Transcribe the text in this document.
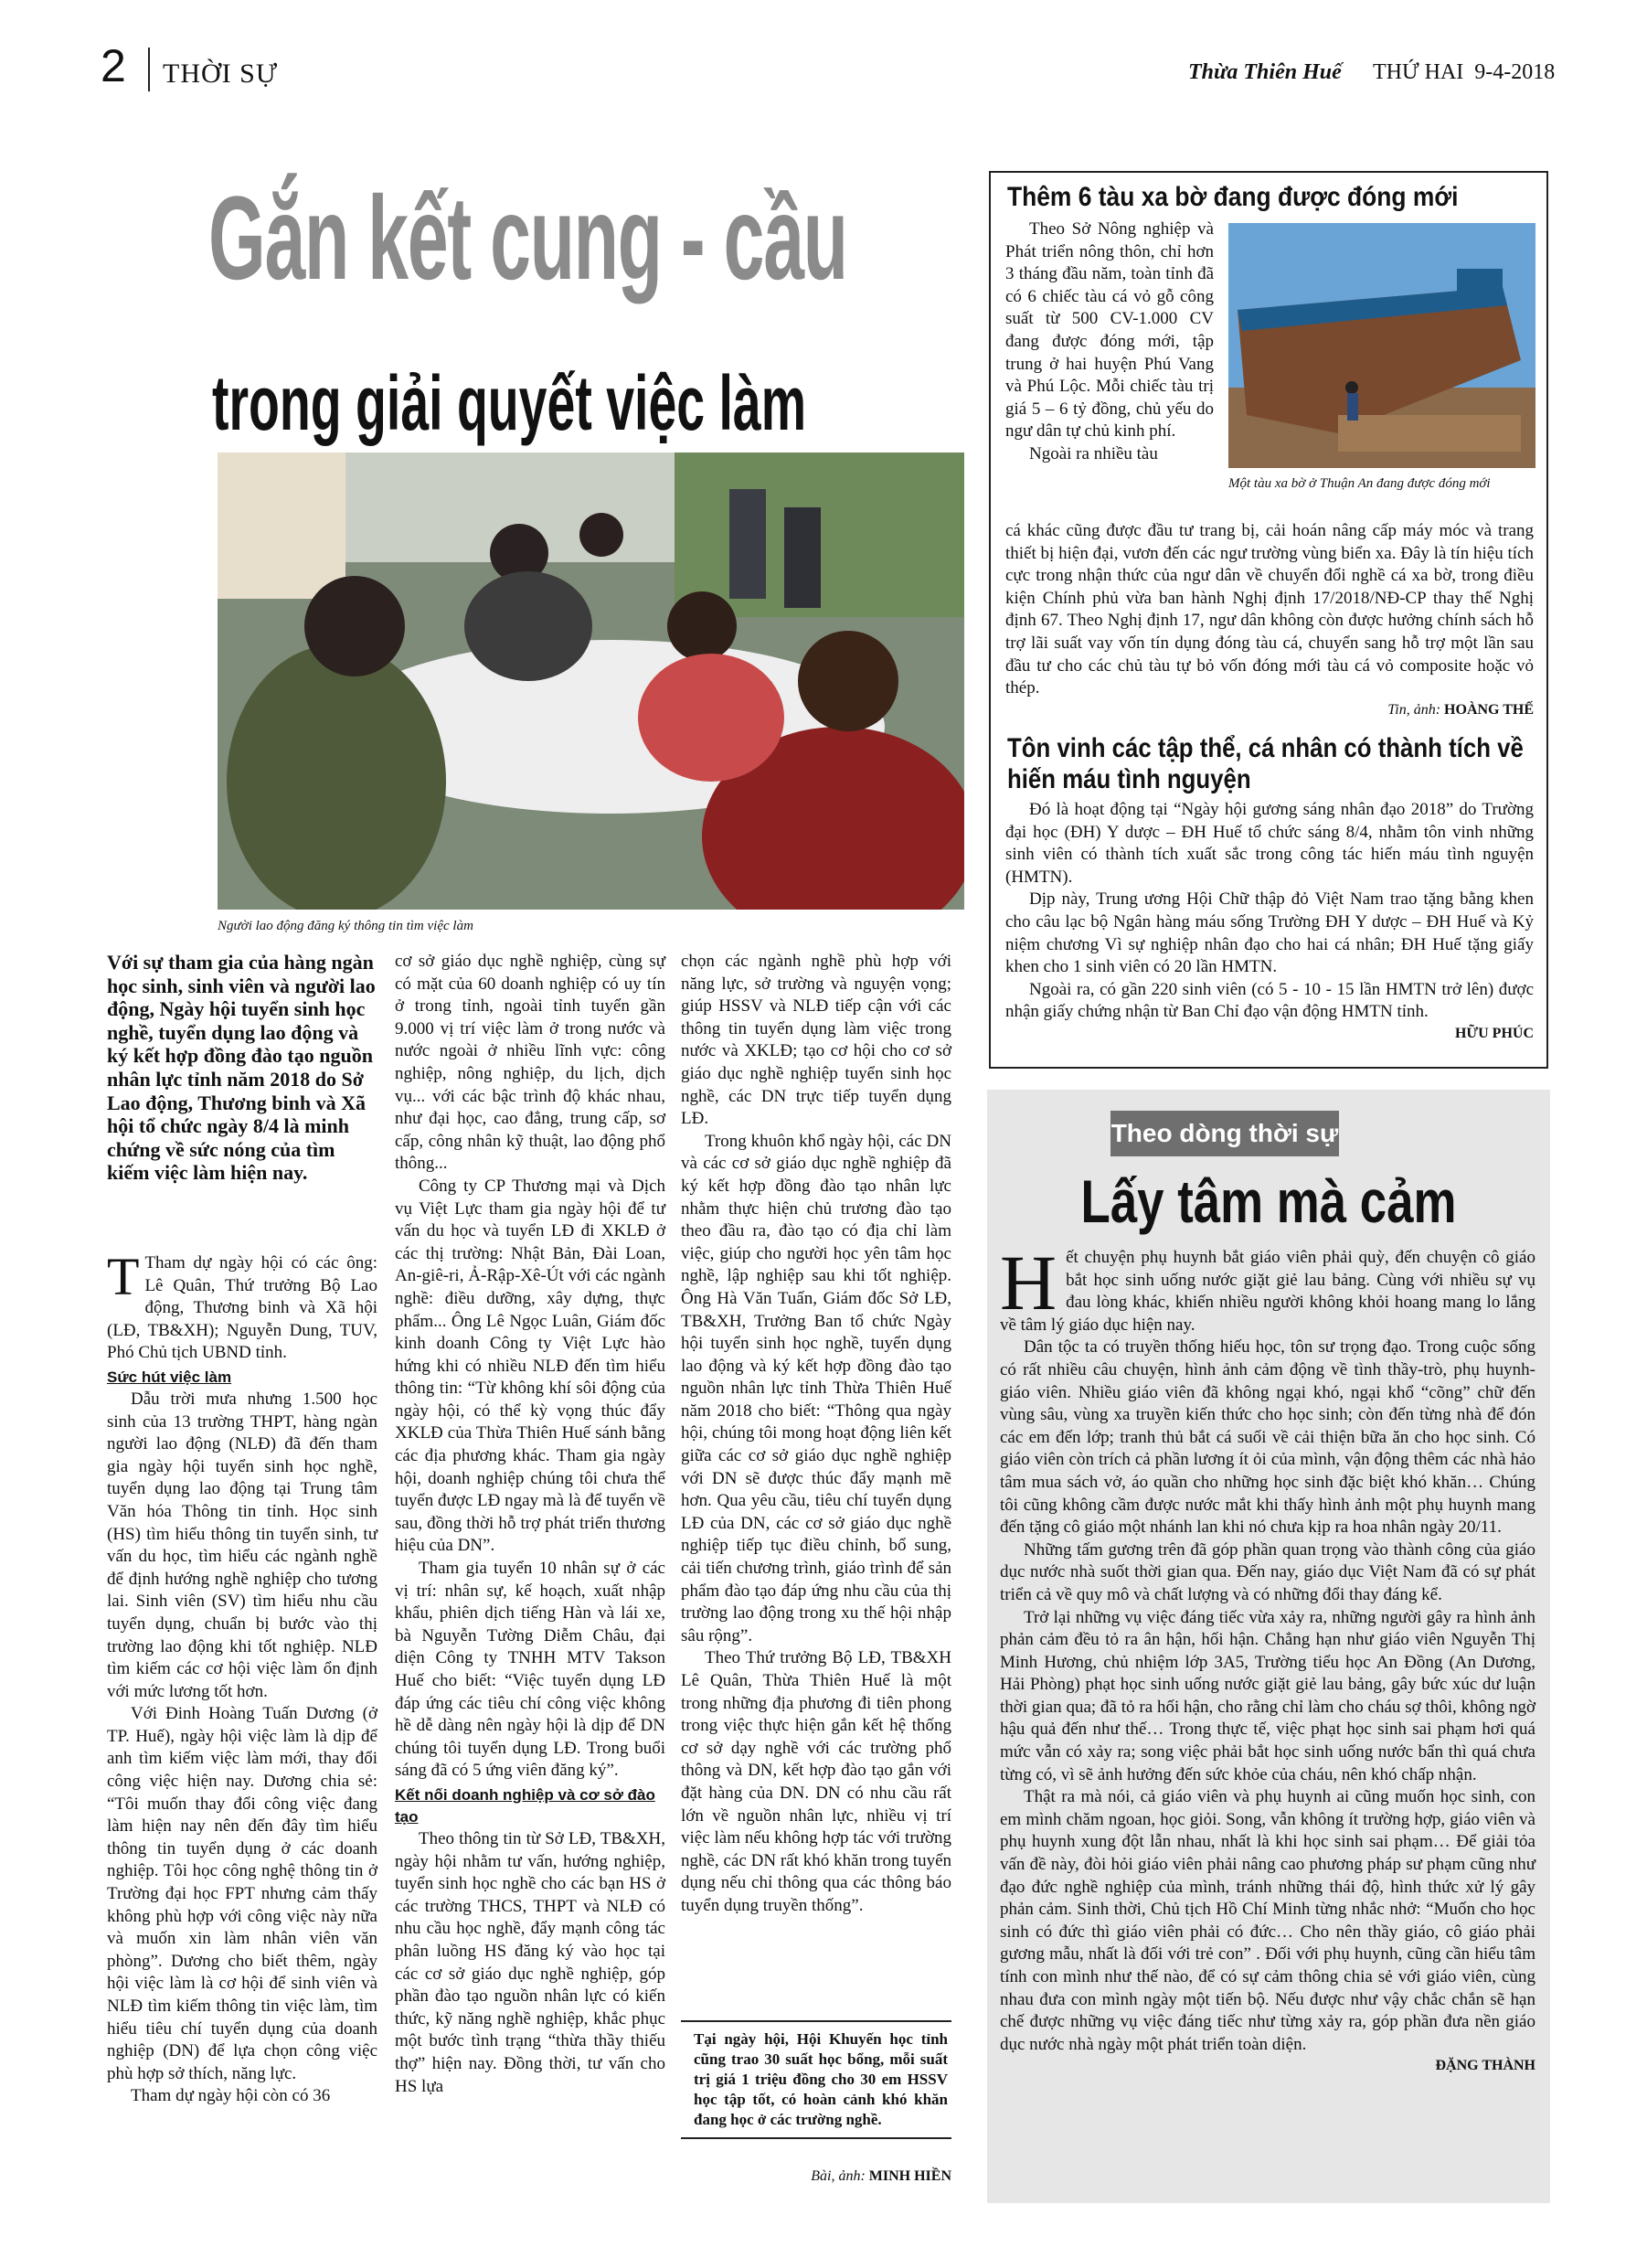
2 THỜI SỰ	Thừa Thiên Huế THỨ HAI  9-4-2018
Gắn kết cung - cầu
trong giải quyết việc làm
Người lao động đăng ký thông tin tìm việc làm
Với sự tham gia của hàng ngàn học sinh, sinh viên và người lao động, Ngày hội tuyển sinh học nghề, tuyển dụng lao động và ký kết hợp đồng đào tạo nguồn nhân lực tỉnh năm 2018 do Sở Lao động, Thương binh và Xã hội tổ chức ngày 8/4 là minh chứng về sức nóng của tìm kiếm việc làm hiện nay.

T Tham dự ngày hội có các ông: Lê Quân, Thứ trưởng Bộ Lao động, Thương binh và Xã hội (LĐ, TB&XH); Nguyễn Dung, TUV, Phó Chủ tịch UBND tỉnh.

Sức hút việc làm

Dẫu trời mưa nhưng 1.500 học sinh của 13 trường THPT, hàng ngàn người lao động (NLĐ) đã đến tham gia ngày hội tuyển sinh học nghề, tuyển dụng lao động tại Trung tâm Văn hóa Thông tin tỉnh. Học sinh (HS) tìm hiểu thông tin tuyển sinh, tư vấn du học, tìm hiểu các ngành nghề để định hướng nghề nghiệp cho tương lai. Sinh viên (SV) tìm hiểu nhu cầu tuyển dụng, chuẩn bị bước vào thị trường lao động khi tốt nghiệp. NLĐ tìm kiếm các cơ hội việc làm ổn định với mức lương tốt hơn.

Với Đinh Hoàng Tuấn Dương (ở TP. Huế), ngày hội việc làm là dịp để anh tìm kiếm việc làm mới, thay đổi công việc hiện nay. Dương chia sẻ: “Tôi muốn thay đổi công việc đang làm hiện nay nên đến đây tìm hiểu thông tin tuyển dụng ở các doanh nghiệp. Tôi học công nghệ thông tin ở Trường đại học FPT nhưng cảm thấy không phù hợp với công việc này nữa và muốn xin làm nhân viên văn phòng”. Dương cho biết thêm, ngày hội việc làm là cơ hội để sinh viên và NLĐ tìm kiếm thông tin việc làm, tìm hiểu tiêu chí tuyển dụng của doanh nghiệp (DN) để lựa chọn công việc phù hợp sở thích, năng lực.

Tham dự ngày hội còn có 36

cơ sở giáo dục nghề nghiệp, cùng sự có mặt của 60 doanh nghiệp có uy tín ở trong tỉnh, ngoài tỉnh tuyển gần 9.000 vị trí việc làm ở trong nước và nước ngoài ở nhiều lĩnh vực: công nghiệp, nông nghiệp, du lịch, dịch vụ... với các bậc trình độ khác nhau, như đại học, cao đẳng, trung cấp, sơ cấp, công nhân kỹ thuật, lao động phổ thông...

Công ty CP Thương mại và Dịch vụ Việt Lực tham gia ngày hội để tư vấn du học và tuyển LĐ đi XKLĐ ở các thị trường: Nhật Bản, Đài Loan, An-giê-ri, Ả-Rập-Xê-Út với các ngành nghề: điều dưỡng, xây dựng, thực phẩm... Ông Lê Ngọc Luân, Giám đốc kinh doanh Công ty Việt Lực hào hứng khi có nhiều NLĐ đến tìm hiểu thông tin: “Từ không khí sôi động của ngày hội, có thể kỳ vọng thúc đẩy XKLĐ của Thừa Thiên Huế sánh bằng các địa phương khác. Tham gia ngày hội, doanh nghiệp chúng tôi chưa thể tuyển được LĐ ngay mà là để tuyển về sau, đồng thời hỗ trợ phát triển thương hiệu của DN”.

Tham gia tuyển 10 nhân sự ở các vị trí: nhân sự, kế hoạch, xuất nhập khẩu, phiên dịch tiếng Hàn và lái xe, bà Nguyễn Tường Diễm Châu, đại diện Công ty TNHH MTV Takson Huế cho biết: “Việc tuyển dụng LĐ đáp ứng các tiêu chí công việc không hề dễ dàng nên ngày hội là dịp để DN chúng tôi tuyển dụng LĐ. Trong buổi sáng đã có 5 ứng viên đăng ký”.

Kết nối doanh nghiệp và cơ sở đào tạo

Theo thông tin từ Sở LĐ, TB&XH, ngày hội nhằm tư vấn, hướng nghiệp, tuyển sinh học nghề cho các bạn HS ở các trường THCS, THPT và NLĐ có nhu cầu học nghề, đẩy mạnh công tác phân luồng HS đăng ký vào học tại các cơ sở giáo dục nghề nghiệp, góp phần đào tạo nguồn nhân lực có kiến thức, kỹ năng nghề nghiệp, khắc phục một bước tình trạng “thừa thầy thiếu thợ” hiện nay. Đồng thời, tư vấn cho HS lựa

chọn các ngành nghề phù hợp với năng lực, sở trường và nguyện vọng; giúp HSSV và NLĐ tiếp cận với các thông tin tuyển dụng làm việc trong nước và XKLĐ; tạo cơ hội cho cơ sở giáo dục nghề nghiệp tuyển sinh học nghề, các DN trực tiếp tuyển dụng LĐ.

Trong khuôn khổ ngày hội, các DN và các cơ sở giáo dục nghề nghiệp đã ký kết hợp đồng đào tạo nhân lực nhằm thực hiện chủ trương đào tạo theo đầu ra, đào tạo có địa chỉ làm việc, giúp cho người học yên tâm học nghề, lập nghiệp sau khi tốt nghiệp. Ông Hà Văn Tuấn, Giám đốc Sở LĐ, TB&XH, Trưởng Ban tổ chức Ngày hội tuyển sinh học nghề, tuyển dụng lao động và ký kết hợp đồng đào tạo nguồn nhân lực tỉnh Thừa Thiên Huế năm 2018 cho biết: “Thông qua ngày hội, chúng tôi mong hoạt động liên kết giữa các cơ sở giáo dục nghề nghiệp với DN sẽ được thúc đẩy mạnh mẽ hơn. Qua yêu cầu, tiêu chí tuyển dụng LĐ của DN, các cơ sở giáo dục nghề nghiệp tiếp tục điều chỉnh, bổ sung, cải tiến chương trình, giáo trình để sản phẩm đào tạo đáp ứng nhu cầu của thị trường lao động trong xu thế hội nhập sâu rộng”.

Theo Thứ trưởng Bộ LĐ, TB&XH Lê Quân, Thừa Thiên Huế là một trong những địa phương đi tiên phong trong việc thực hiện gắn kết hệ thống cơ sở dạy nghề với các trường phổ thông và DN, kết hợp đào tạo gắn với đặt hàng của DN. DN có nhu cầu rất lớn về nguồn nhân lực, nhiều vị trí việc làm nếu không hợp tác với trường nghề, các DN rất khó khăn trong tuyển dụng nếu chỉ thông qua các thông báo tuyển dụng truyền thống”.

Tại ngày hội, Hội Khuyến học tỉnh cũng trao 30 suất học bổng, mỗi suất trị giá 1 triệu đồng cho 30 em HSSV học tập tốt, có hoàn cảnh khó khăn đang học ở các trường nghề.

Bài, ảnh: MINH HIỀN
Thêm 6 tàu xa bờ đang được đóng mới

Theo Sở Nông nghiệp và Phát triển nông thôn, chỉ hơn 3 tháng đầu năm, toàn tỉnh đã có 6 chiếc tàu cá vỏ gỗ công suất từ 500 CV-1.000 CV đang được đóng mới, tập trung ở hai huyện Phú Vang và Phú Lộc. Mỗi chiếc tàu trị giá 5 – 6 tỷ đồng, chủ yếu do ngư dân tự chủ kinh phí.

Ngoài ra nhiều tàu

Một tàu xa bờ ở Thuận An đang được đóng mới

cá khác cũng được đầu tư trang bị, cải hoán nâng cấp máy móc và trang thiết bị hiện đại, vươn đến các ngư trường vùng biển xa. Đây là tín hiệu tích cực trong nhận thức của ngư dân về chuyển đổi nghề cá xa bờ, trong điều kiện Chính phủ vừa ban hành Nghị định 17/2018/NĐ-CP thay thế Nghị định 67. Theo Nghị định 17, ngư dân không còn được hưởng chính sách hỗ trợ lãi suất vay vốn tín dụng đóng tàu cá, chuyển sang hỗ trợ một lần sau đầu tư cho các chủ tàu tự bỏ vốn đóng mới tàu cá vỏ composite hoặc vỏ thép.

Tin, ảnh: HOÀNG THẾ

Tôn vinh các tập thể, cá nhân có thành tích về hiến máu tình nguyện

Đó là hoạt động tại “Ngày hội gương sáng nhân đạo 2018” do Trường đại học (ĐH) Y dược – ĐH Huế tổ chức sáng 8/4, nhằm tôn vinh những sinh viên có thành tích xuất sắc trong công tác hiến máu tình nguyện (HMTN).

Dịp này, Trung ương Hội Chữ thập đỏ Việt Nam trao tặng bằng khen cho câu lạc bộ Ngân hàng máu sống Trường ĐH Y dược – ĐH Huế và Kỷ niệm chương Vì sự nghiệp nhân đạo cho hai cá nhân; ĐH Huế tặng giấy khen cho 1 sinh viên có 20 lần HMTN.

Ngoài ra, có gần 220 sinh viên (có 5 - 10 - 15 lần HMTN trở lên) được nhận giấy chứng nhận từ Ban Chỉ đạo vận động HMTN tỉnh.

HỮU PHÚC

Theo dòng thời sự
Lấy tâm mà cảm

Hết chuyện phụ huynh bắt giáo viên phải quỳ, đến chuyện cô giáo bắt học sinh uống nước giặt giẻ lau bảng. Cùng với nhiều sự vụ đau lòng khác, khiến nhiều người không khỏi hoang mang lo lắng về tâm lý giáo dục hiện nay.

Dân tộc ta có truyền thống hiếu học, tôn sư trọng đạo. Trong cuộc sống có rất nhiều câu chuyện, hình ảnh cảm động về tình thầy-trò, phụ huynh- giáo viên. Nhiều giáo viên đã không ngại khó, ngại khổ “cõng” chữ đến vùng sâu, vùng xa truyền kiến thức cho học sinh; còn đến từng nhà để đón các em đến lớp; tranh thủ bắt cá suối về cải thiện bữa ăn cho học sinh. Có giáo viên còn trích cả phần lương ít ỏi của mình, vận động thêm các nhà hảo tâm mua sách vở, áo quần cho những học sinh đặc biệt khó khăn… Chúng tôi cũng không cầm được nước mắt khi thấy hình ảnh một phụ huynh mang đến tặng cô giáo một nhánh lan khi nó chưa kịp ra hoa nhân ngày 20/11.

Những tấm gương trên đã góp phần quan trọng vào thành công của giáo dục nước nhà suốt thời gian qua. Đến nay, giáo dục Việt Nam đã có sự phát triển cả về quy mô và chất lượng và có những đổi thay đáng kể.

Trở lại những vụ việc đáng tiếc vừa xảy ra, những người gây ra hình ảnh phản cảm đều tỏ ra ân hận, hối hận. Chẳng hạn như giáo viên Nguyễn Thị Minh Hương, chủ nhiệm lớp 3A5, Trường tiểu học An Đồng (An Dương, Hải Phòng) phạt học sinh uống nước giặt giẻ lau bảng, gây bức xúc dư luận thời gian qua; đã tỏ ra hối hận, cho rằng chỉ làm cho cháu sợ thôi, không ngờ hậu quả đến như thế… Trong thực tế, việc phạt học sinh sai phạm hơi quá mức vẫn có xảy ra; song việc phải bắt học sinh uống nước bẩn thì quá chưa từng có, vì sẽ ảnh hưởng đến sức khỏe của cháu, nên khó chấp nhận.

Thật ra mà nói, cả giáo viên và phụ huynh ai cũng muốn học sinh, con em mình chăm ngoan, học giỏi. Song, vẫn không ít trường hợp, giáo viên và phụ huynh xung đột lẫn nhau, nhất là khi học sinh sai phạm… Để giải tỏa vấn đề này, đòi hỏi giáo viên phải nâng cao phương pháp sư phạm cũng như đạo đức nghề nghiệp của mình, tránh những thái độ, hình thức xử lý gây phản cảm. Sinh thời, Chủ tịch Hồ Chí Minh từng nhắc nhở: “Muốn cho học sinh có đức thì giáo viên phải có đức… Cho nên thầy giáo, cô giáo phải gương mẫu, nhất là đối với trẻ con” . Đối với phụ huynh, cũng cần hiểu tâm tính con mình như thế nào, để có sự cảm thông chia sẻ với giáo viên, cùng nhau đưa con mình ngày một tiến bộ. Nếu được như vậy chắc chắn sẽ hạn chế được những vụ việc đáng tiếc như từng xảy ra, góp phần đưa nền giáo dục nước nhà ngày một phát triển toàn diện.

ĐẶNG THÀNH
